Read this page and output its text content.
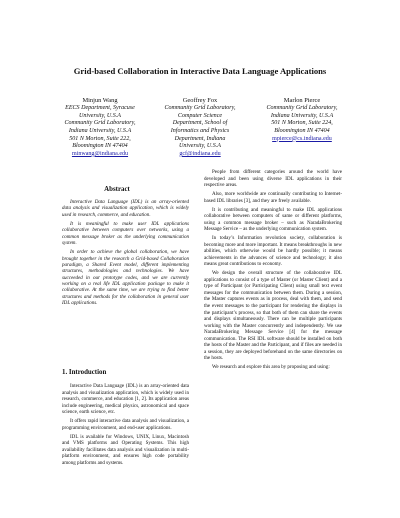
Grid-based Collaboration in Interactive Data Language Applications
Minjun Wang
EECS Department, Syracuse
University, U.S.A
Community Grid Laboratory,
Indiana University, U.S.A
501 N Morton, Suite 222,
Bloomington IN 47404
minwang@indiana.edu
Geoffrey Fox
Community Grid Laboratory,
Computer Science
Department, School of
Informatics and Physics
Department, Indiana
University, U.S.A
gcf@indiana.edu
Marlon Pierce
Community Grid Laboratory,
Indiana University, U.S.A
501 N Morton, Suite 224,
Bloomington IN 47404
mpierce@cs.indiana.edu
Abstract

Interactive Data Language (IDL) is an array-oriented data analysis and visualization application, which is widely used in research, commerce, and education.

It is meaningful to make user IDL applications collaborative between computers over networks, using a common message broker as the underlying communication system.

In order to achieve the global collaboration, we have brought together in the research a Grid-based Collaboration paradigm, a Shared Event model, different implementing structures, methodologies and technologies. We have succeeded in our prototype codes, and we are currently working on a real life IDL application package to make it collaborative. At the same time, we are trying to find better structures and methods for the collaboration in general user IDL applications.

1. Introduction

Interactive Data Language (IDL) is an array-oriented data analysis and visualization application, which is widely used in research, commerce, and education [1, 2]. Its application areas include engineering, medical physics, astronomical and space science, earth science, etc.

It offers rapid interactive data analysis and visualization, a programming environment, and end-user applications.

IDL is available for Windows, UNIX, Linux, Macintosh and VMS platforms and Operating Systems. This high availability facilitates data analysis and visualization in multi-platform environment, and ensures high code portability among platforms and systems.

People from different categories around the world have developed and been using diverse IDL applications in their respective areas.

Also, more worldwide are continually contributing to Internet-based IDL libraries [3], and they are freely available.

It is contributing and meaningful to make IDL applications collaborative between computers of same or different platforms, using a common message broker – such as NaradaBrokering Message Service – as the underlying communication system.

In today’s Information revolution society, collaboration is becoming more and more important. It means breakthroughs in new abilities, which otherwise would be hardly possible; it means achievements in the advances of science and technology; it also means great contributions to economy.

We design the overall structure of the collaborative IDL applications to consist of a type of Master (or Master Client) and a type of Participant (or Participating Client) using small text event messages for the communication between them. During a session, the Master captures events as in process, deal with them, and send the event messages to the participant for rendering the displays in the participant’s process, so that both of them can share the events and displays simultaneously. There can be multiple participants working with the Master concurrently and independently. We use NaradaBrokering Message Service [4] for the message communication. The RSI IDL software should be installed on both the hosts of the Master and the Participant, and if files are needed in a session, they are deployed beforehand on the same directories on the hosts.

We research and explore this area by proposing and using:
